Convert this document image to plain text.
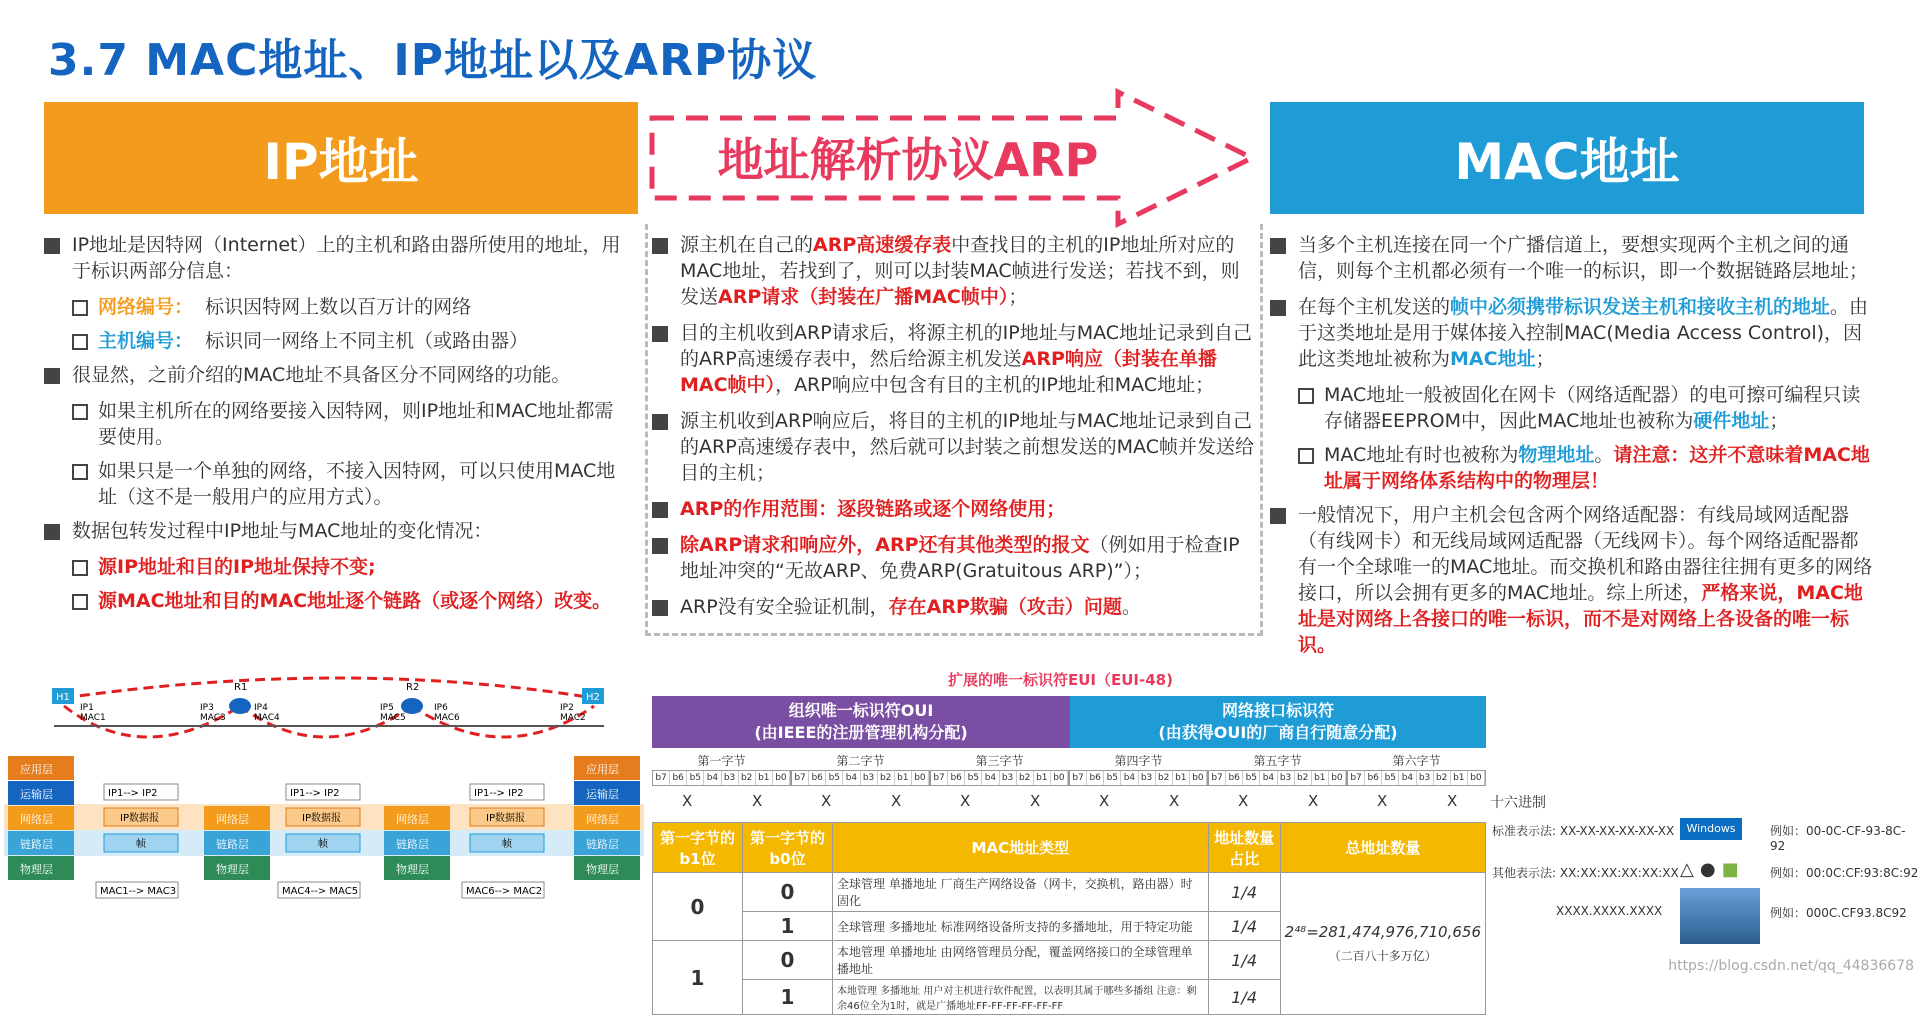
3.7 MAC地址、IP地址以及ARP协议
IP地址	地址解析协议ARP	MAC地址
IP地址是因特网（Internet）上的主机和路由器所使用的地址，用于标识两部分信息：
网络编号： 标识因特网上数以百万计的网络
主机编号： 标识同一网络上不同主机（或路由器）
很显然，之前介绍的MAC地址不具备区分不同网络的功能。
如果主机所在的网络要接入因特网，则IP地址和MAC地址都需要使用。
如果只是一个单独的网络，不接入因特网，可以只使用MAC地址（这不是一般用户的应用方式）。
数据包转发过程中IP地址与MAC地址的变化情况：
源IP地址和目的IP地址保持不变;
源MAC地址和目的MAC地址逐个链路（或逐个网络）改变。
源主机在自己的ARP高速缓存表中查找目的主机的IP地址所对应的MAC地址，若找到了，则可以封装MAC帧进行发送；若找不到，则发送ARP请求（封装在广播MAC帧中）；
目的主机收到ARP请求后，将源主机的IP地址与MAC地址记录到自己的ARP高速缓存表中，然后给源主机发送ARP响应（封装在单播MAC帧中），ARP响应中包含有目的主机的IP地址和MAC地址；
源主机收到ARP响应后，将目的主机的IP地址与MAC地址记录到自己的ARP高速缓存表中，然后就可以封装之前想发送的MAC帧并发送给目的主机；
ARP的作用范围：逐段链路或逐个网络使用；
除ARP请求和响应外，ARP还有其他类型的报文（例如用于检查IP地址冲突的“无故ARP、免费ARP(Gratuitous ARP)”）；
ARP没有安全验证机制，存在ARP欺骗（攻击）问题。
当多个主机连接在同一个广播信道上，要想实现两个主机之间的通信，则每个主机都必须有一个唯一的标识，即一个数据链路层地址；
在每个主机发送的帧中必须携带标识发送主机和接收主机的地址。由于这类地址是用于媒体接入控制MAC(Media Access Control)，因此这类地址被称为MAC地址；
MAC地址一般被固化在网卡（网络适配器）的电可擦可编程只读存储器EEPROM中，因此MAC地址也被称为硬件地址；
MAC地址有时也被称为物理地址。请注意：这并不意味着MAC地址属于网络体系结构中的物理层！
一般情况下，用户主机会包含两个网络适配器：有线局域网适配器（有线网卡）和无线局域网适配器（无线网卡）。每个网络适配器都有一个全球唯一的MAC地址。而交换机和路由器往往拥有更多的网络接口，所以会拥有更多的MAC地址。综上所述，严格来说，MAC地址是对网络上各接口的唯一标识，而不是对网络上各设备的唯一标识。
H1	H2
R1	R2
IP1
MAC1
IP3
MAC3
IP4
MAC4
IP5
MAC5
IP6
MAC6
IP2
MAC2
应用层
运输层
网络层
链路层
物理层
应用层
运输层
网络层
链路层
物理层
网络层
链路层
物理层
网络层
链路层
物理层
IP1--> IP2
IP数据报
帧
MAC1--> MAC3
IP1--> IP2
IP数据报
帧
MAC4--> MAC5
IP1--> IP2
IP数据报
帧
MAC6--> MAC2
扩展的唯一标识符EUI（EUI-48)
组织唯一标识符OUI
(由IEEE的注册管理机构分配)
网络接口标识符
(由获得OUI的厂商自行随意分配)
第一字节	第二字节	第三字节	第四字节	第五字节	第六字节
b7 b6 b5 b4 b3 b2 b1 b0 b7 b6 b5 b4 b3 b2 b1 b0 b7 b6 b5 b4 b3 b2 b1 b0 b7 b6 b5 b4 b3 b2 b1 b0 b7 b6 b5 b4 b3 b2 b1 b0 b7 b6 b5 b4 b3 b2 b1 b0
X	X	X	X	X	X	X	X	X	X	X	X 十六进制
第一字节的b1位	第一字节的b0位	MAC地址类型	地址数量占比	总地址数量
0	0	全球管理 单播地址 厂商生产网络设备（网卡，交换机，路由器）时固化	1/4	2⁴⁸=281,474,976,710,656
（二百八十多万亿）

	1	全球管理 多播地址 标准网络设备所支持的多播地址，用于特定功能	1/4	
1	0	本地管理 单播地址 由网络管理员分配，覆盖网络接口的全球管理单播地址	1/4	
	1	本地管理 多播地址 用户对主机进行软件配置，以表明其属于哪些多播组 注意：剩余46位全为1时，就是广播地址FF-FF-FF-FF-FF-FF	1/4	
标准表示法: XX-XX-XX-XX-XX-XX	Windows	例如：00-0C-CF-93-8C-92
其他表示法: XX:XX:XX:XX:XX:XX △ ● ■	例如：00:0C:CF:93:8C:92
XXXX.XXXX.XXXX	例如：000C.CF93.8C92
https://blog.csdn.net/qq_44836678
